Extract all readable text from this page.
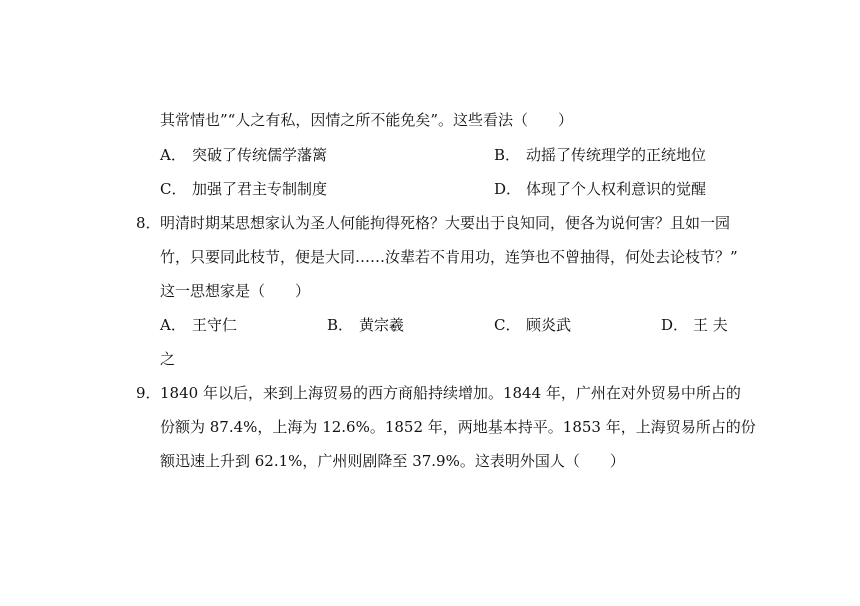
其常情也”“人之有私，因情之所不能免矣”。这些看法（　　）
A． 突破了传统儒学藩篱	B． 动摇了传统理学的正统地位
C． 加强了君主专制制度	D． 体现了个人权利意识的觉醒
8． 明清时期某思想家认为圣人何能拘得死格？大要出于良知同，便各为说何害？且如一园
竹，只要同此枝节，便是大同……汝辈若不肯用功，连笋也不曾抽得，何处去论枝节？”
这一思想家是（　　）
A． 王守仁	B． 黄宗羲	C． 顾炎武	D． 王 夫
之
9． 1840 年以后，来到上海贸易的西方商船持续增加。1844 年，广州在对外贸易中所占的
份额为 87.4%，上海为 12.6%。1852 年，两地基本持平。1853 年，上海贸易所占的份
额迅速上升到 62.1%，广州则剧降至 37.9%。这表明外国人（　　）
